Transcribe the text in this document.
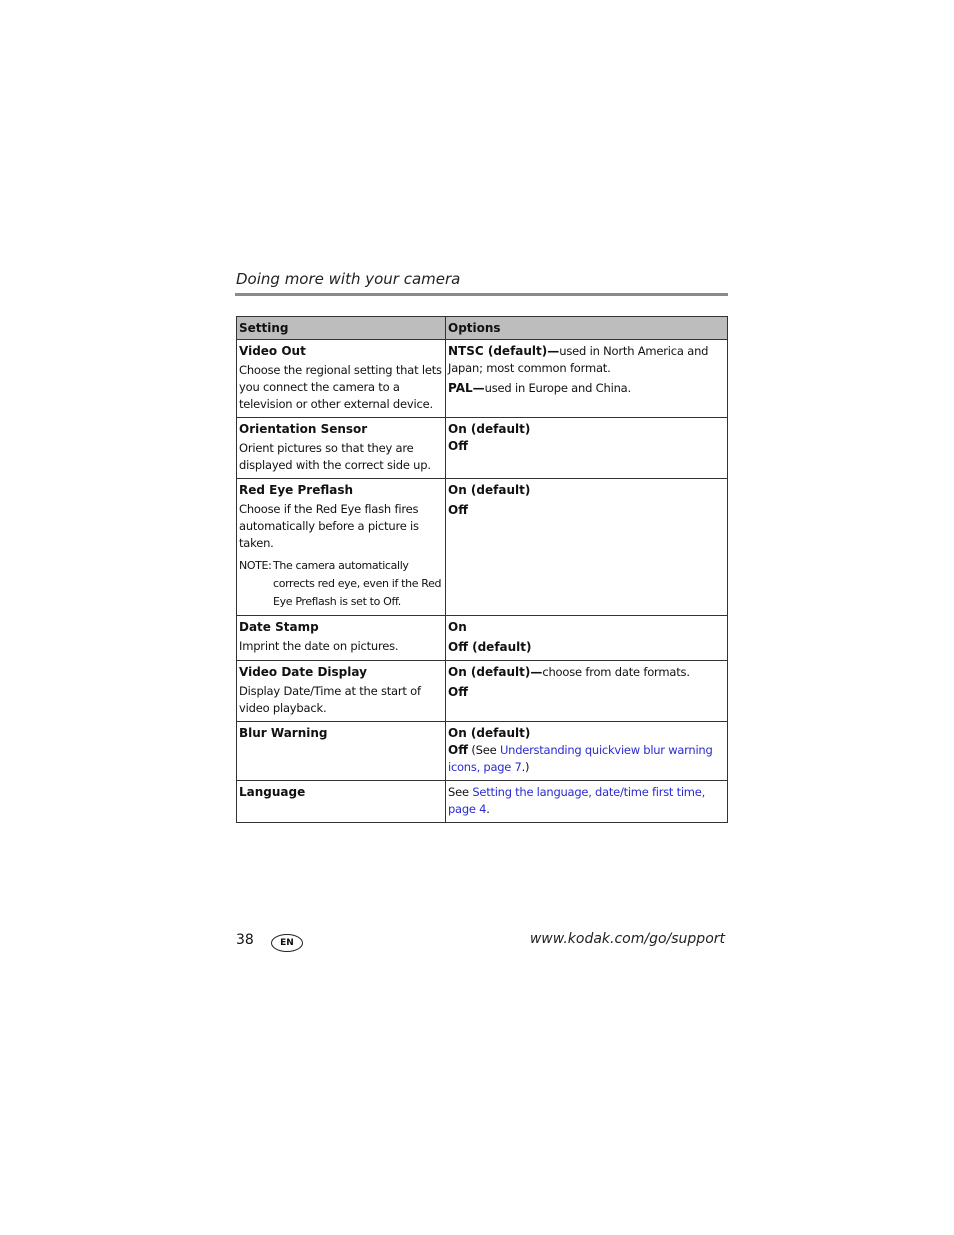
Doing more with your camera
Setting	Options

Video Out
Choose the regional setting that lets you connect the camera to a television or other external device.	NTSC (default)—used in North America and Japan; most common format.
PAL—used in Europe and China.

Orientation Sensor
Orient pictures so that they are displayed with the correct side up.	On (default)
Off

Red Eye Preflash
Choose if the Red Eye flash fires automatically before a picture is taken.
NOTE: The camera automatically corrects red eye, even if the Red Eye Preflash is set to Off.	On (default)
Off

Date Stamp
Imprint the date on pictures.	On
Off (default)

Video Date Display
Display Date/Time at the start of video playback.	On (default)—choose from date formats.
Off

Blur Warning	On (default)
Off (See Understanding quickview blur warning icons, page 7.)

Language	See Setting the language, date/time first time, page 4.
38	EN	www.kodak.com/go/support
